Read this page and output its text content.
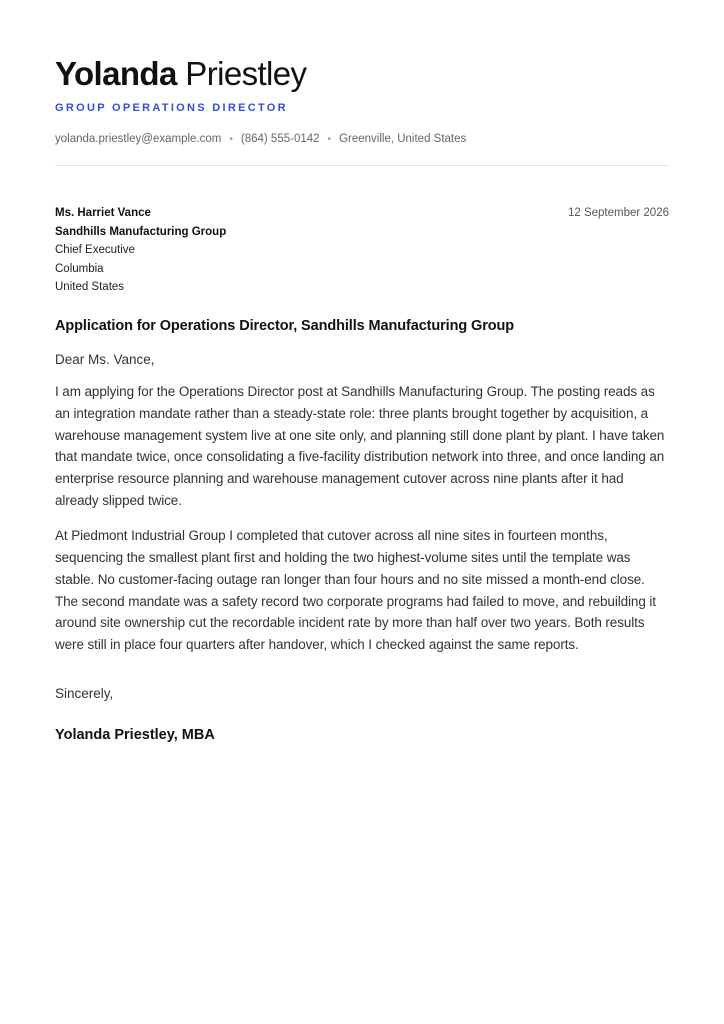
Yolanda Priestley
GROUP OPERATIONS DIRECTOR
yolanda.priestley@example.com • (864) 555-0142 • Greenville, United States
Ms. Harriet Vance
Sandhills Manufacturing Group
Chief Executive
Columbia
United States
12 September 2026
Application for Operations Director, Sandhills Manufacturing Group
Dear Ms. Vance,

I am applying for the Operations Director post at Sandhills Manufacturing Group. The posting reads as an integration mandate rather than a steady-state role: three plants brought together by acquisition, a warehouse management system live at one site only, and planning still done plant by plant. I have taken that mandate twice, once consolidating a five-facility distribution network into three, and once landing an enterprise resource planning and warehouse management cutover across nine plants after it had already slipped twice.

At Piedmont Industrial Group I completed that cutover across all nine sites in fourteen months, sequencing the smallest plant first and holding the two highest-volume sites until the template was stable. No customer-facing outage ran longer than four hours and no site missed a month-end close. The second mandate was a safety record two corporate programs had failed to move, and rebuilding it around site ownership cut the recordable incident rate by more than half over two years. Both results were still in place four quarters after handover, which I checked against the same reports.

Sincerely,
Yolanda Priestley, MBA
